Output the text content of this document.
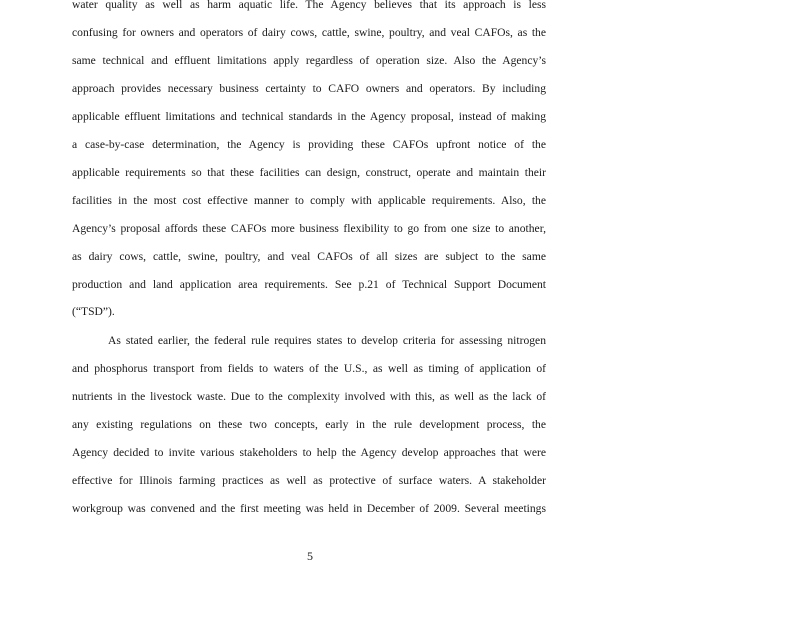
water quality as well as harm aquatic life. The Agency believes that its approach is less
confusing for owners and operators of dairy cows, cattle, swine, poultry, and veal CAFOs, as the
same technical and effluent limitations apply regardless of operation size. Also the Agency’s
approach provides necessary business certainty to CAFO owners and operators. By including
applicable effluent limitations and technical standards in the Agency proposal, instead of making
a case-by-case determination, the Agency is providing these CAFOs upfront notice of the
applicable requirements so that these facilities can design, construct, operate and maintain their
facilities in the most cost effective manner to comply with applicable requirements. Also, the
Agency’s proposal affords these CAFOs more business flexibility to go from one size to another,
as dairy cows, cattle, swine, poultry, and veal CAFOs of all sizes are subject to the same
production and land application area requirements. See p.21 of Technical Support Document
(“TSD”).
As stated earlier, the federal rule requires states to develop criteria for assessing nitrogen
and phosphorus transport from fields to waters of the U.S., as well as timing of application of
nutrients in the livestock waste. Due to the complexity involved with this, as well as the lack of
any existing regulations on these two concepts, early in the rule development process, the
Agency decided to invite various stakeholders to help the Agency develop approaches that were
effective for Illinois farming practices as well as protective of surface waters. A stakeholder
workgroup was convened and the first meeting was held in December of 2009. Several meetings
5
